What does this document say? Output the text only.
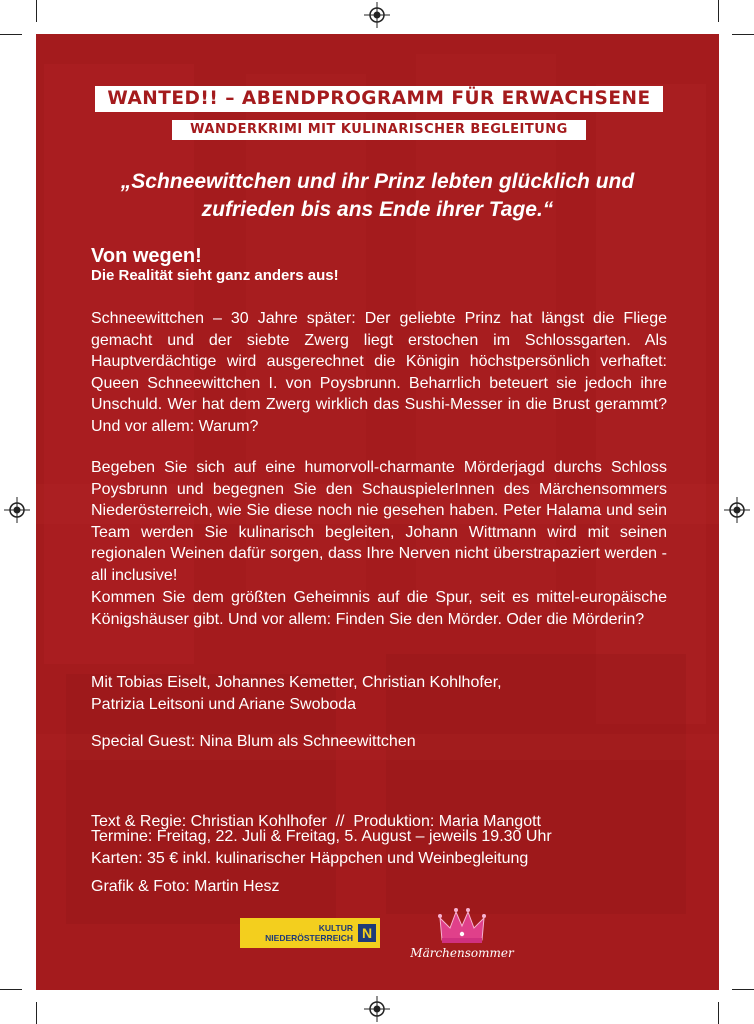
WANTED!! – ABENDPROGRAMM FÜR ERWACHSENE
WANDERKRIMI MIT KULINARISCHER BEGLEITUNG
„Schneewittchen und ihr Prinz lebten glücklich und
zufrieden bis ans Ende ihrer Tage.“
Von wegen!
Die Realität sieht ganz anders aus!

Schneewittchen – 30 Jahre später: Der geliebte Prinz hat längst die Fliege gemacht und der siebte Zwerg liegt erstochen im Schlossgarten. Als Hauptverdächtige wird ausgerechnet die Königin höchstpersönlich verhaftet: Queen Schneewittchen I. von Poysbrunn. Beharrlich beteuert sie jedoch ihre Unschuld. Wer hat dem Zwerg wirklich das Sushi-Messer in die Brust gerammt? Und vor allem: Warum?

Begeben Sie sich auf eine humorvoll-charmante Mörderjagd durchs Schloss Poysbrunn und begegnen Sie den SchauspielerInnen des Märchensommers Niederösterreich, wie Sie diese noch nie gesehen haben. Peter Halama und sein Team werden Sie kulinarisch begleiten, Johann Wittmann wird mit seinen regionalen Weinen dafür sorgen, dass Ihre Nerven nicht überstrapaziert werden - all inclusive!

Kommen Sie dem größten Geheimnis auf die Spur, seit es mittel-europäische Königshäuser gibt. Und vor allem: Finden Sie den Mörder. Oder die Mörderin?

Mit Tobias Eiselt, Johannes Kemetter, Christian Kohlhofer,
Patrizia Leitsoni und Ariane Swoboda
Special Guest: Nina Blum als Schneewittchen

Text & Regie: Christian Kohlhofer  //  Produktion: Maria Mangott

Grafik & Foto: Martin Hesz

Termine: Freitag, 22. Juli & Freitag, 5. August – jeweils 19.30 Uhr
Karten: 35 € inkl. kulinarischer Häppchen und Weinbegleitung
KULTUR
NIEDERÖSTERREICH N
Märchensommer
